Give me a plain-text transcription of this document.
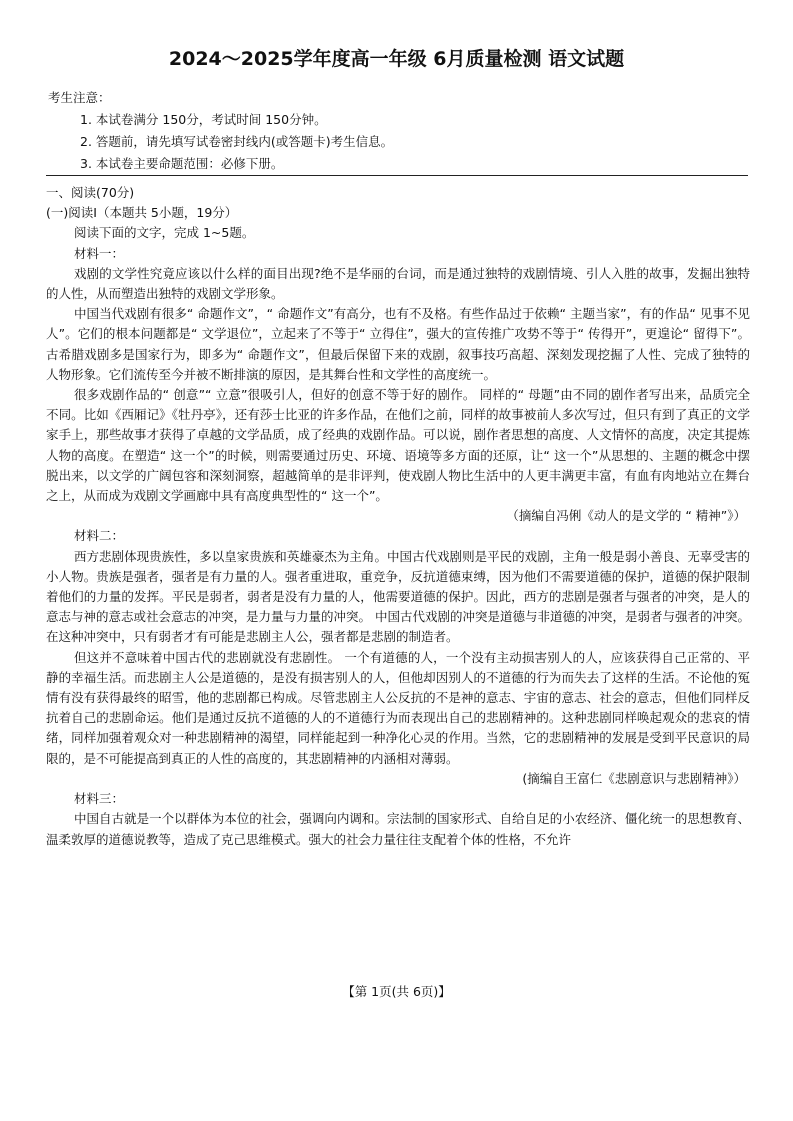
2024～2025学年度高一年级 6月质量检测 语文试题
考生注意：
1. 本试卷满分 150分，考试时间 150分钟。
2. 答题前，请先填写试卷密封线内(或答题卡)考生信息。
3. 本试卷主要命题范围：必修下册。
一、阅读(70分)
(一)阅读Ⅰ（本题共 5小题，19分）
阅读下面的文字，完成 1~5题。
材料一：
戏剧的文学性究竟应该以什么样的面目出现?绝不是华丽的台词，而是通过独特的戏剧情境、引人入胜的故事，发掘出独特的人性，从而塑造出独特的戏剧文学形象。
中国当代戏剧有很多“ 命题作文”，“ 命题作文”有高分，也有不及格。有些作品过于依赖“ 主题当家”，有的作品“ 见事不见人”。它们的根本问题都是“ 文学退位”，立起来了不等于“ 立得住”，强大的宣传推广攻势不等于“ 传得开”，更遑论“ 留得下”。古希腊戏剧多是国家行为，即多为“ 命题作文”，但最后保留下来的戏剧，叙事技巧高超、深刻发现挖掘了人性、完成了独特的人物形象。它们流传至今并被不断排演的原因，是其舞台性和文学性的高度统一。
很多戏剧作品的“ 创意”“ 立意”很吸引人，但好的创意不等于好的剧作。 同样的“ 母题”由不同的剧作者写出来，品质完全不同。比如《西厢记》《牡丹亭》，还有莎士比亚的许多作品，在他们之前，同样的故事被前人多次写过，但只有到了真正的文学家手上，那些故事才获得了卓越的文学品质，成了经典的戏剧作品。可以说，剧作者思想的高度、人文情怀的高度，决定其提炼人物的高度。在塑造“ 这一个”的时候，则需要通过历史、环境、语境等多方面的还原，让“ 这一个”从思想的、主题的概念中摆脱出来，以文学的广阔包容和深刻洞察，超越简单的是非评判，使戏剧人物比生活中的人更丰满更丰富，有血有肉地站立在舞台之上，从而成为戏剧文学画廊中具有高度典型性的“ 这一个”。
（摘编自冯俐《动人的是文学的 “ 精神”》）
材料二：
西方悲剧体现贵族性，多以皇家贵族和英雄豪杰为主角。中国古代戏剧则是平民的戏剧，主角一般是弱小善良、无辜受害的小人物。贵族是强者，强者是有力量的人。强者重进取，重竞争，反抗道德束缚，因为他们不需要道德的保护，道德的保护限制着他们的力量的发挥。平民是弱者，弱者是没有力量的人，他需要道德的保护。因此，西方的悲剧是强者与强者的冲突，是人的意志与神的意志或社会意志的冲突，是力量与力量的冲突。 中国古代戏剧的冲突是道德与非道德的冲突，是弱者与强者的冲突。在这种冲突中，只有弱者才有可能是悲剧主人公，强者都是悲剧的制造者。
但这并不意味着中国古代的悲剧就没有悲剧性。 一个有道德的人，一个没有主动损害别人的人，应该获得自己正常的、平静的幸福生活。而悲剧主人公是道德的，是没有损害别人的人，但他却因别人的不道德的行为而失去了这样的生活。不论他的冤情有没有获得最终的昭雪，他的悲剧都已构成。尽管悲剧主人公反抗的不是神的意志、宇宙的意志、社会的意志，但他们同样反抗着自己的悲剧命运。他们是通过反抗不道德的人的不道德行为而表现出自己的悲剧精神的。这种悲剧同样唤起观众的悲哀的情绪，同样加强着观众对一种悲剧精神的渴望，同样能起到一种净化心灵的作用。当然，它的悲剧精神的发展是受到平民意识的局限的，是不可能提高到真正的人性的高度的，其悲剧精神的内涵相对薄弱。
(摘编自王富仁《悲剧意识与悲剧精神》）
材料三：
中国自古就是一个以群体为本位的社会，强调向内调和。宗法制的国家形式、自给自足的小农经济、僵化统一的思想教育、温柔敦厚的道德说教等，造成了克己思维模式。强大的社会力量往往支配着个体的性格，不允许
【第 1页(共 6页)】
